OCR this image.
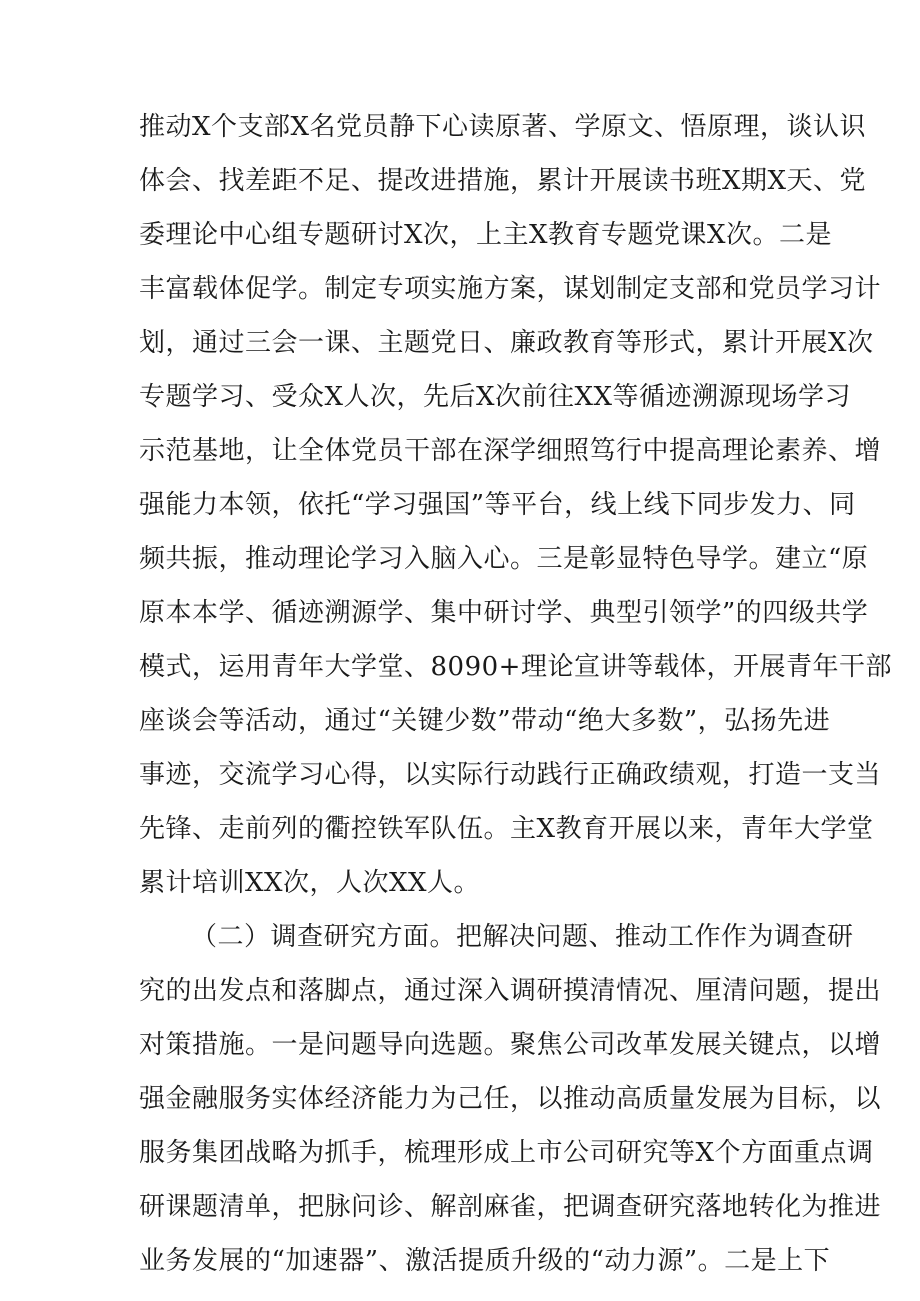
推动X个支部X名党员静下心读原著、学原文、悟原理，谈认识
体会、找差距不足、提改进措施，累计开展读书班X期X天、党
委理论中心组专题研讨X次，上主X教育专题党课X次。二是
丰富载体促学。制定专项实施方案，谋划制定支部和党员学习计
划，通过三会一课、主题党日、廉政教育等形式，累计开展X次
专题学习、受众X人次，先后X次前往XX等循迹溯源现场学习
示范基地，让全体党员干部在深学细照笃行中提高理论素养、增
强能力本领，依托“学习强国”等平台，线上线下同步发力、同
频共振，推动理论学习入脑入心。三是彰显特色导学。建立“原
原本本学、循迹溯源学、集中研讨学、典型引领学”的四级共学
模式，运用青年大学堂、8090+理论宣讲等载体，开展青年干部
座谈会等活动，通过“关键少数”带动“绝大多数”，弘扬先进
事迹，交流学习心得，以实际行动践行正确政绩观，打造一支当
先锋、走前列的衢控铁军队伍。主X教育开展以来，青年大学堂
累计培训XX次，人次XX人。
（二）调查研究方面。把解决问题、推动工作作为调查研
究的出发点和落脚点，通过深入调研摸清情况、厘清问题，提出
对策措施。一是问题导向选题。聚焦公司改革发展关键点，以增
强金融服务实体经济能力为己任，以推动高质量发展为目标，以
服务集团战略为抓手，梳理形成上市公司研究等X个方面重点调
研课题清单，把脉问诊、解剖麻雀，把调查研究落地转化为推进
业务发展的“加速器”、激活提质升级的“动力源”。二是上下
